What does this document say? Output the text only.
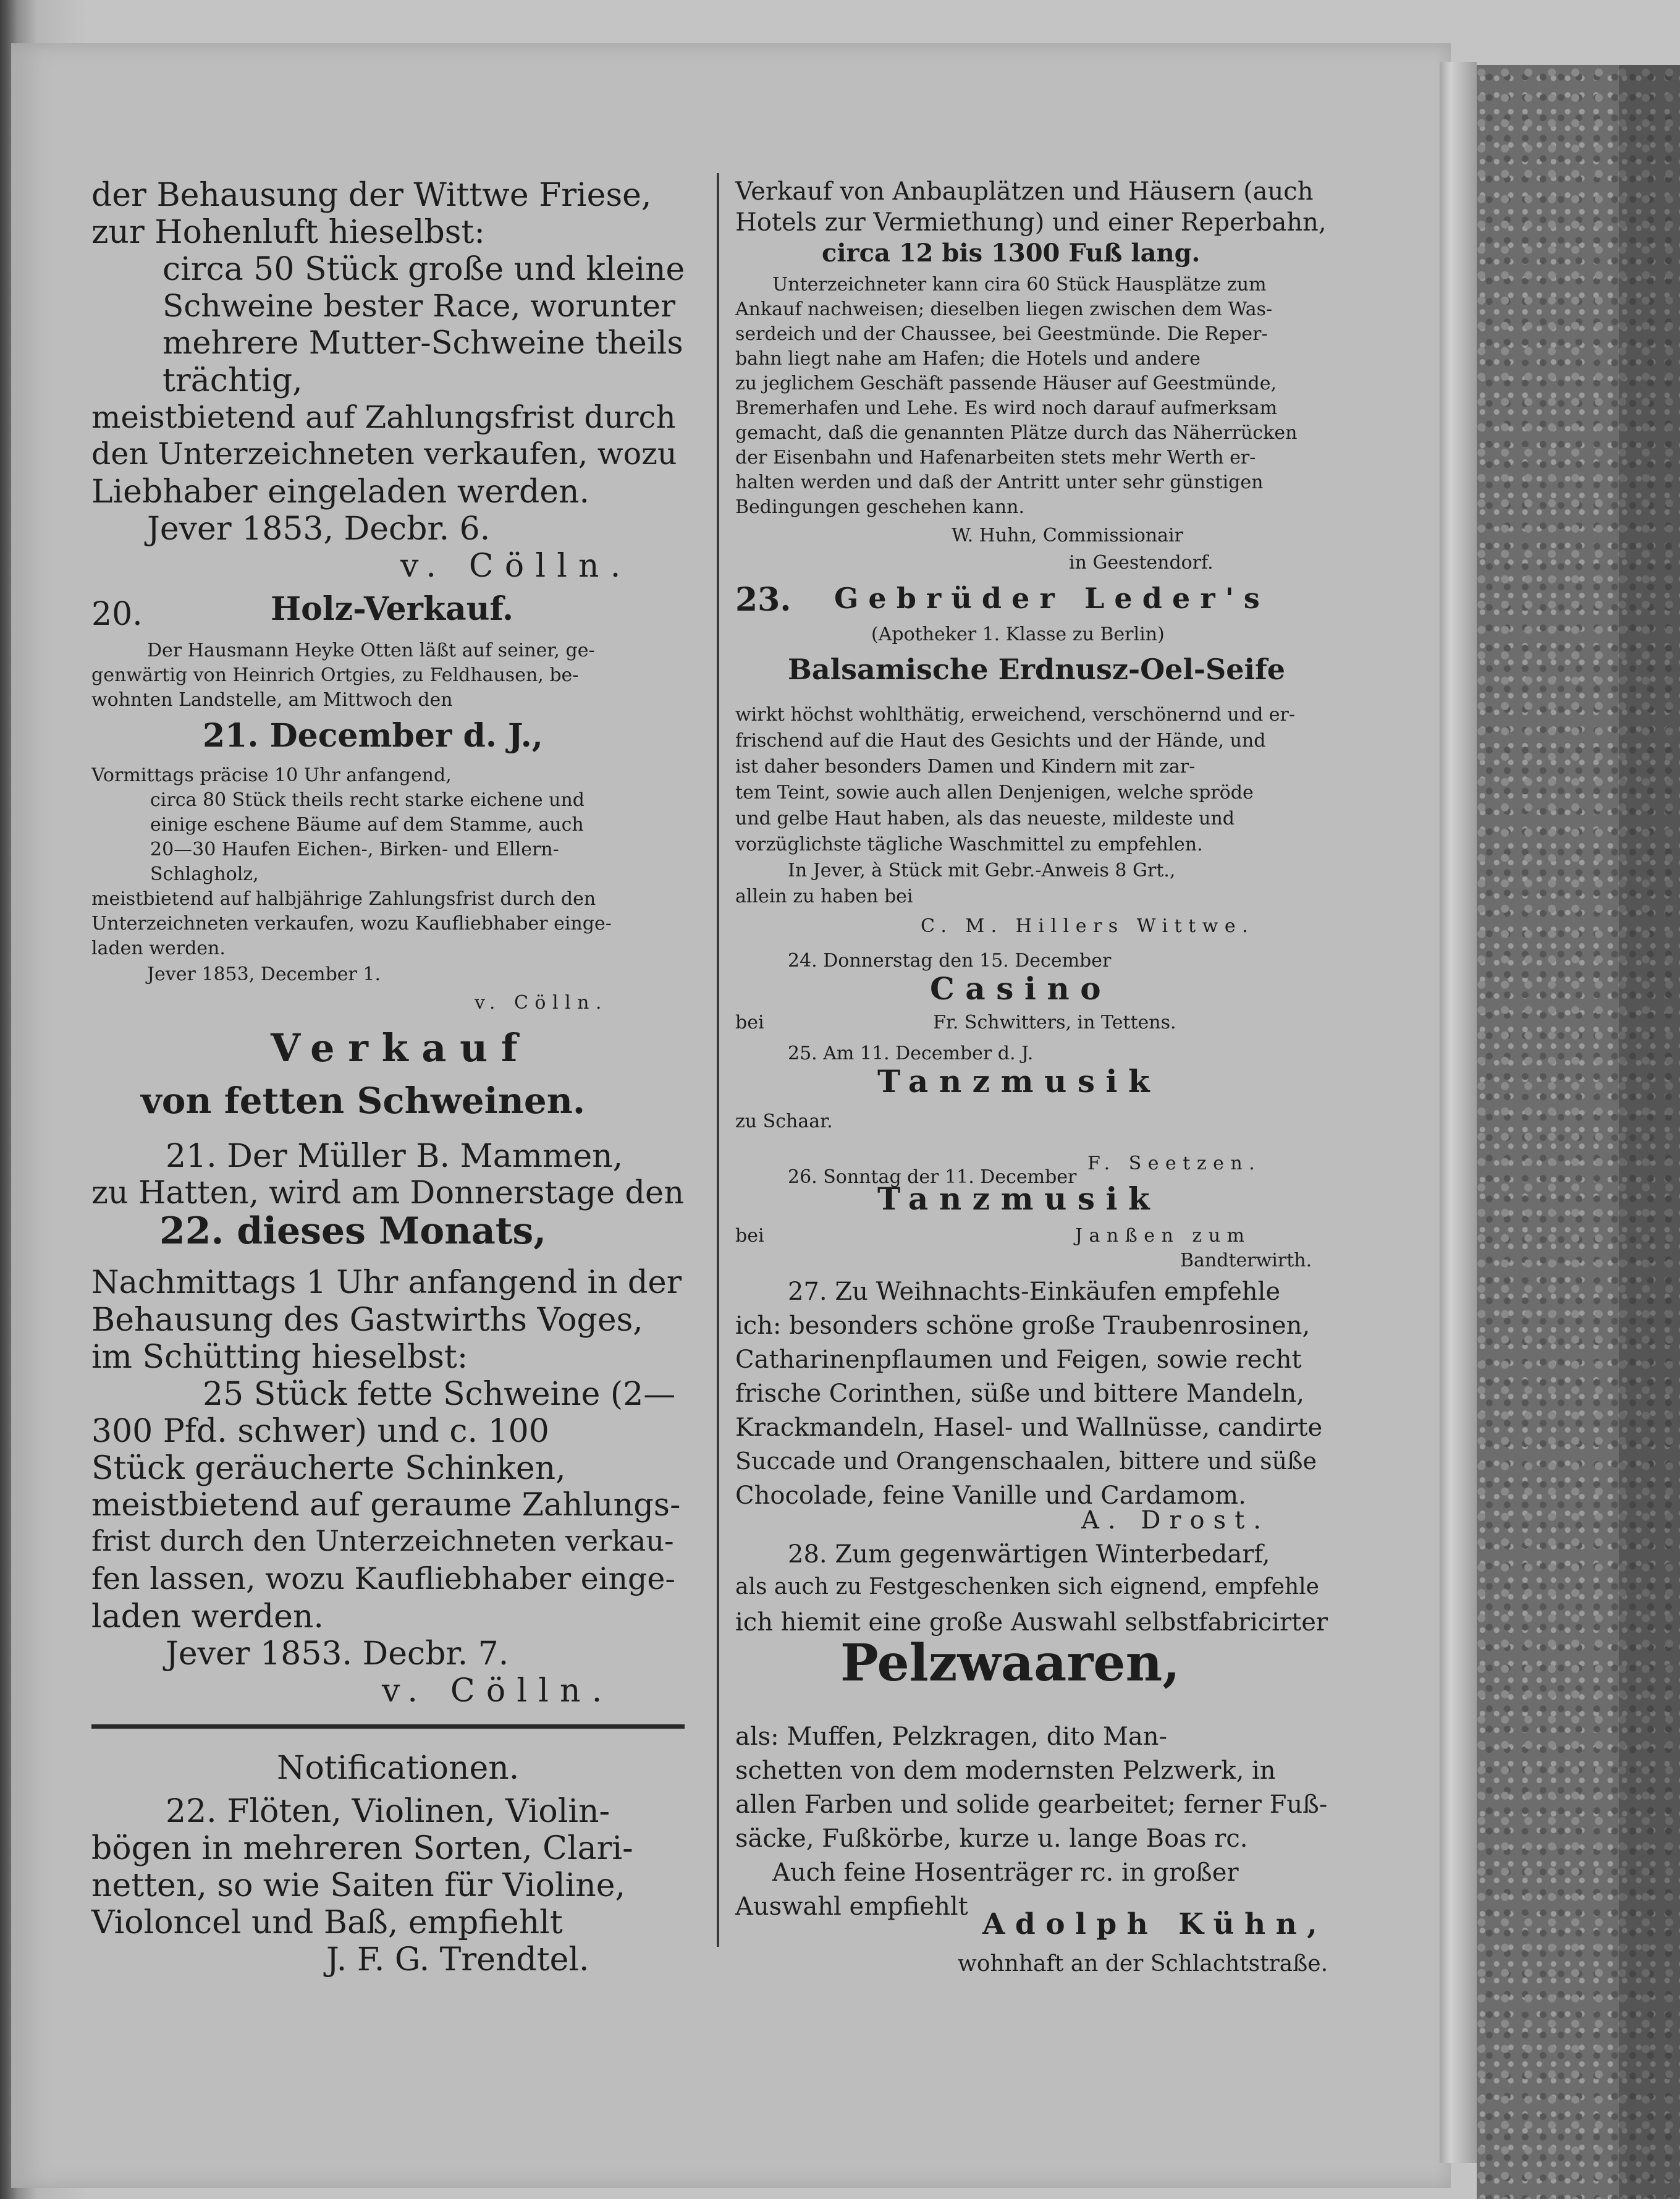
der Behausung der Wittwe Friese,
zur Hohenluft hieselbst:
circa 50 Stück große und kleine
Schweine bester Race, worunter
mehrere Mutter-Schweine theils
trächtig,
meistbietend auf Zahlungsfrist durch
den Unterzeichneten verkaufen, wozu
Liebhaber eingeladen werden.
Jever 1853, Decbr. 6.
v. Cölln.
20.	Holz-Verkauf.
Der Hausmann Heyke Otten läßt auf seiner, ge-
genwärtig von Heinrich Ortgies, zu Feldhausen, be-
wohnten Landstelle, am Mittwoch den
21. December d. J.,
Vormittags präcise 10 Uhr anfangend,
circa 80 Stück theils recht starke eichene und
einige eschene Bäume auf dem Stamme, auch
20—30 Haufen Eichen-, Birken- und Ellern-
Schlagholz,
meistbietend auf halbjährige Zahlungsfrist durch den
Unterzeichneten verkaufen, wozu Kaufliebhaber einge-
laden werden.
Jever 1853, December 1.
v. Cölln.
Verkauf
von fetten Schweinen.
21. Der Müller B. Mammen,
zu Hatten, wird am Donnerstage den
22. dieses Monats,
Nachmittags 1 Uhr anfangend in der
Behausung des Gastwirths Voges,
im Schütting hieselbst:
25 Stück fette Schweine (2—
300 Pfd. schwer) und c. 100
Stück geräucherte Schinken,
meistbietend auf geraume Zahlungs-
frist durch den Unterzeichneten verkau-
fen lassen, wozu Kaufliebhaber einge-
laden werden.
Jever 1853. Decbr. 7.
v. Cölln.
Notificationen.
22. Flöten, Violinen, Violin-
bögen in mehreren Sorten, Clari-
netten, so wie Saiten für Violine,
Violoncel und Baß, empfiehlt
J. F. G. Trendtel.
Verkauf von Anbauplätzen und Häusern (auch
Hotels zur Vermiethung) und einer Reperbahn,
circa 12 bis 1300 Fuß lang.
Unterzeichneter kann cira 60 Stück Hausplätze zum
Ankauf nachweisen; dieselben liegen zwischen dem Was-
serdeich und der Chaussee, bei Geestmünde. Die Reper-
bahn liegt nahe am Hafen; die Hotels und andere
zu jeglichem Geschäft passende Häuser auf Geestmünde,
Bremerhafen und Lehe. Es wird noch darauf aufmerksam
gemacht, daß die genannten Plätze durch das Näherrücken
der Eisenbahn und Hafenarbeiten stets mehr Werth er-
halten werden und daß der Antritt unter sehr günstigen
Bedingungen geschehen kann.
W. Huhn, Commissionair
in Geestendorf.
23. Gebrüder Leder's
(Apotheker 1. Klasse zu Berlin)
Balsamische Erdnusz-Oel-Seife
wirkt höchst wohlthätig, erweichend, verschönernd und er-
frischend auf die Haut des Gesichts und der Hände, und
ist daher besonders Damen und Kindern mit zar-
tem Teint, sowie auch allen Denjenigen, welche spröde
und gelbe Haut haben, als das neueste, mildeste und
vorzüglichste tägliche Waschmittel zu empfehlen.
In Jever, à Stück mit Gebr.-Anweis 8 Grt.,
allein zu haben bei
C. M. Hillers Wittwe.
24. Donnerstag den 15. December
Casino
bei	Fr. Schwitters, in Tettens.
25. Am 11. December d. J.
Tanzmusik
zu Schaar.
F. Seetzen.
26. Sonntag der 11. December
Tanzmusik
bei	Janßen zum
Bandterwirth.
27. Zu Weihnachts-Einkäufen empfehle
ich: besonders schöne große Traubenrosinen,
Catharinenpflaumen und Feigen, sowie recht
frische Corinthen, süße und bittere Mandeln,
Krackmandeln, Hasel- und Wallnüsse, candirte
Succade und Orangenschaalen, bittere und süße
Chocolade, feine Vanille und Cardamom.
A. Drost.
28. Zum gegenwärtigen Winterbedarf,
als auch zu Festgeschenken sich eignend, empfehle
ich hiemit eine große Auswahl selbstfabricirter
Pelzwaaren,
als: Muffen, Pelzkragen, dito Man-
schetten von dem modernsten Pelzwerk, in
allen Farben und solide gearbeitet; ferner Fuß-
säcke, Fußkörbe, kurze u. lange Boas rc.
Auch feine Hosenträger rc. in großer
Auswahl empfiehlt
Adolph Kühn,
wohnhaft an der Schlachtstraße.
